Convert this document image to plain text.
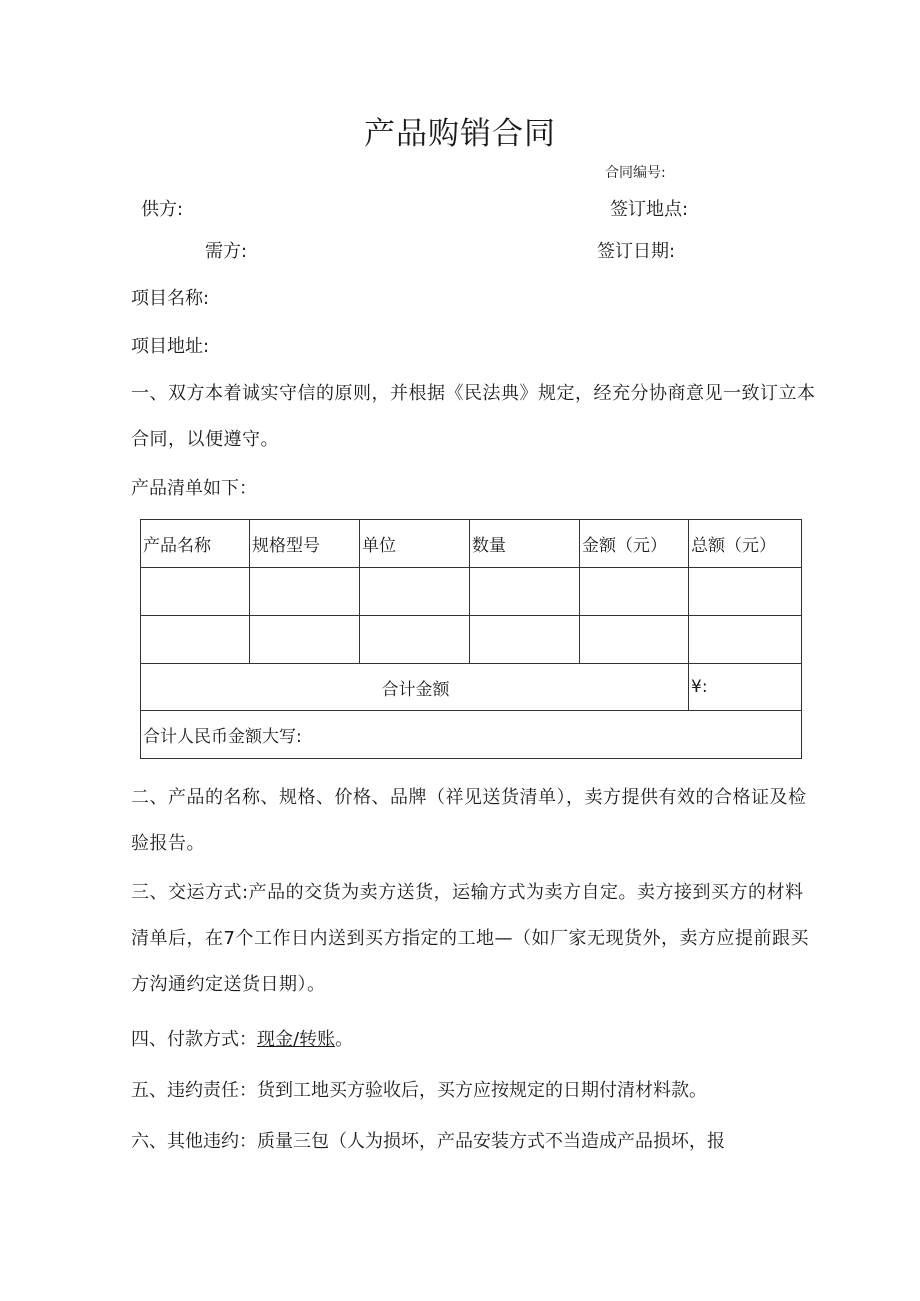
产品购销合同
合同编号:
供方:	签订地点:
需方:	签订日期:
项目名称:
项目地址:
一、双方本着诚实守信的原则，并根据《民法典》规定，经充分协商意见一致订立本合同，以便遵守。
产品清单如下：
产品名称	规格型号	单位	数量	金额（元）	总额（元）

合计金额					¥:
合计人民币金额大写:					
二、产品的名称、规格、价格、品牌（祥见送货清单），卖方提供有效的合格证及检验报告。
三、交运方式:产品的交货为卖方送货，运输方式为卖方自定。卖方接到买方的材料清单后，在7个工作日内送到买方指定的工地—（如厂家无现货外，卖方应提前跟买方沟通约定送货日期）。
四、付款方式：现金/转账。
五、违约责任：货到工地买方验收后，买方应按规定的日期付清材料款。
六、其他违约：质量三包（人为损坏，产品安装方式不当造成产品损坏，报
